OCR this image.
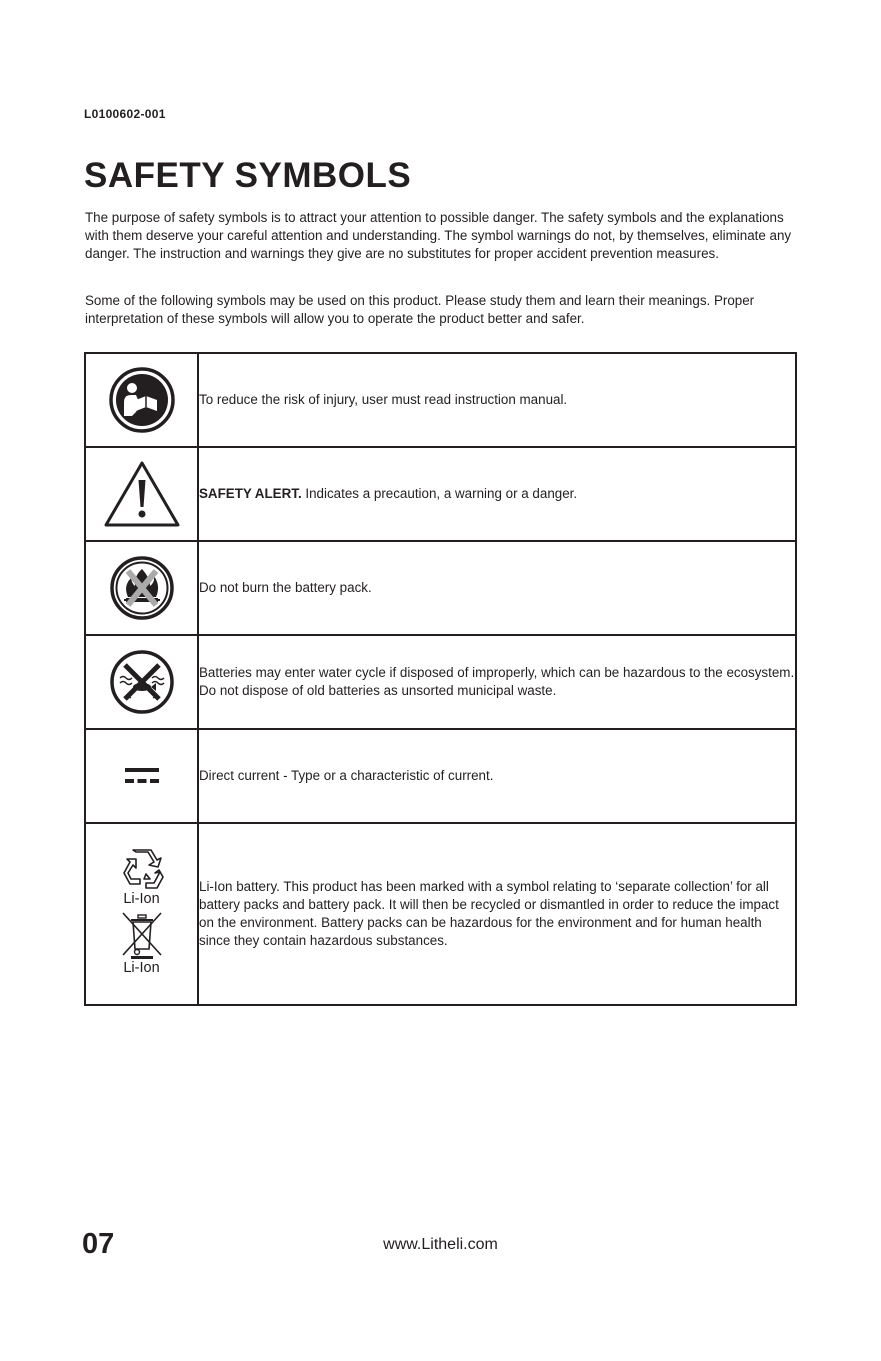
L0100602-001
SAFETY SYMBOLS

The purpose of safety symbols is to attract your attention to possible danger. The safety symbols and the explanations with them deserve your careful attention and understanding. The symbol warnings do not, by themselves, eliminate any danger. The instruction and warnings they give are no substitutes for proper accident prevention measures.

Some of the following symbols may be used on this product. Please study them and learn their meanings. Proper interpretation of these symbols will allow you to operate the product better and safer.

	To reduce the risk of injury, user must read instruction manual.
	SAFETY ALERT. Indicates a precaution, a warning or a danger.
	Do not burn the battery pack.
	Batteries may enter water cycle if disposed of improperly, which can be hazardous to the ecosystem. Do not dispose of old batteries as unsorted municipal waste.
	Direct current - Type or a characteristic of current.

Li-Ion
Li-Ion	Li-Ion battery. This product has been marked with a symbol relating to ‘separate collection’ for all battery packs and battery pack. It will then be recycled or dismantled in order to reduce the impact on the environment. Battery packs can be hazardous for the environment and for human health since they contain hazardous substances.
07	www.Litheli.com
